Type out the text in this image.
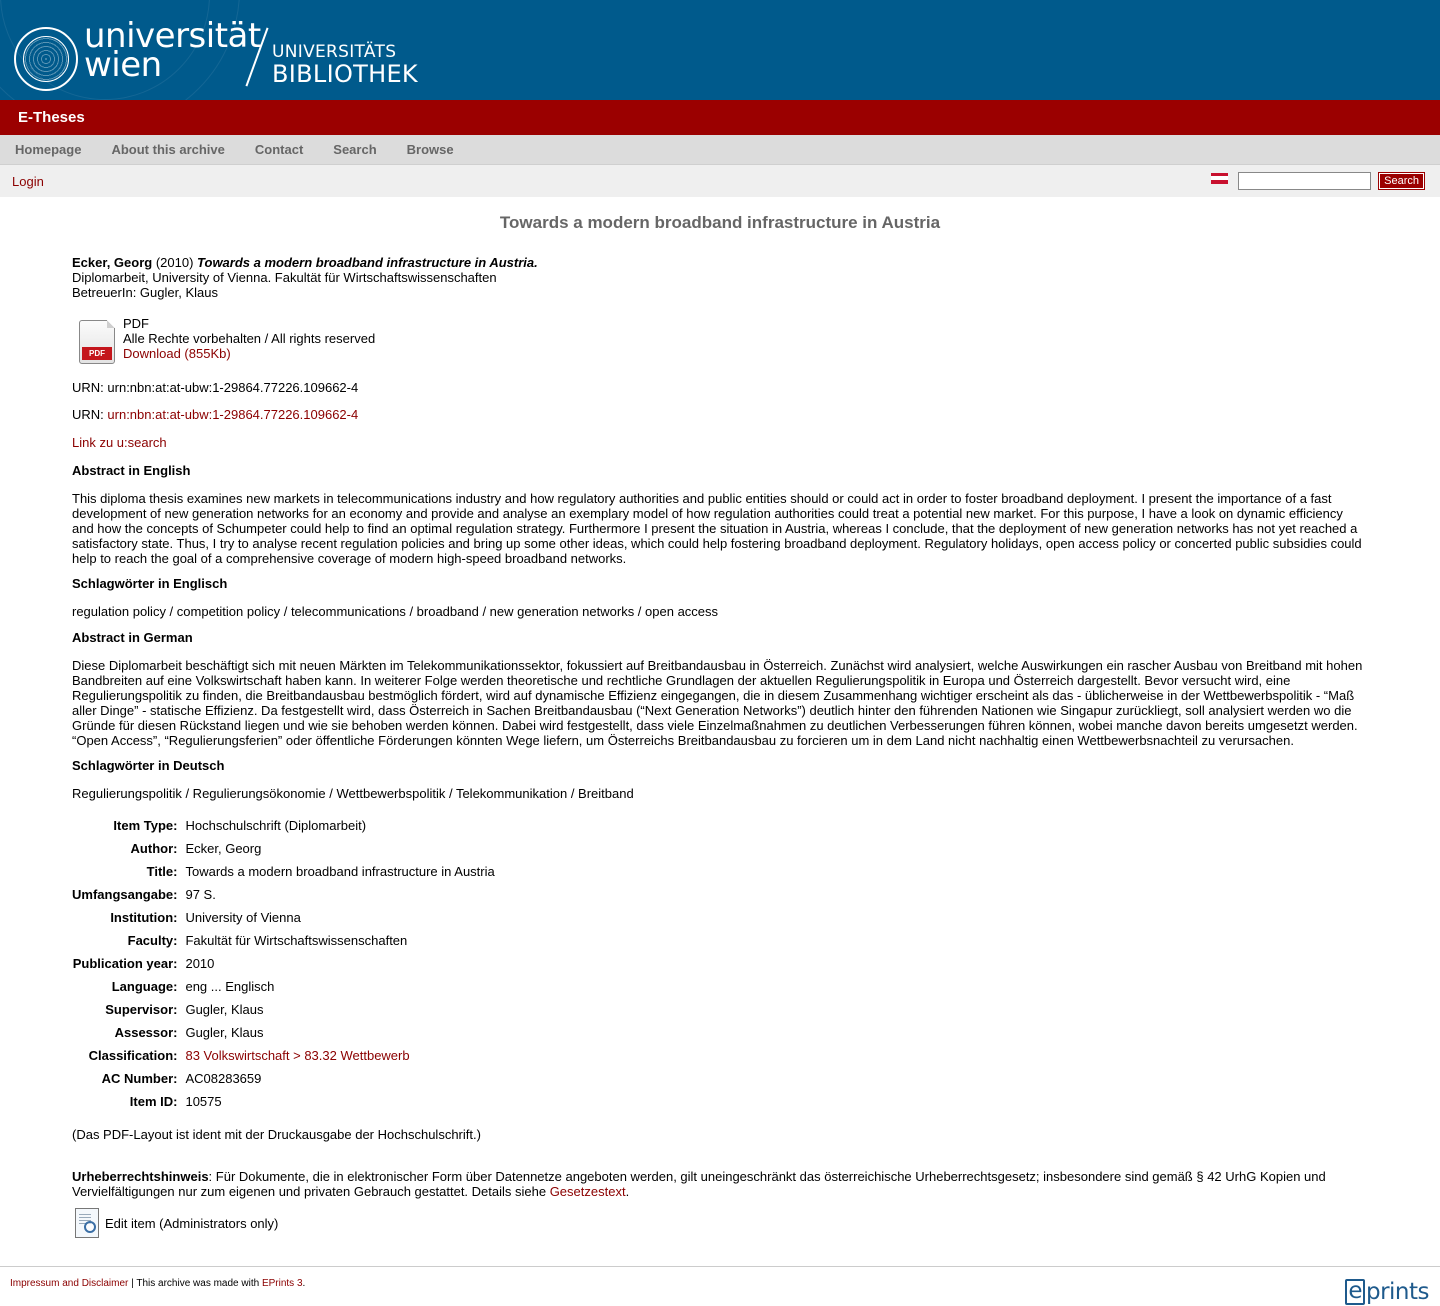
universität
wien	UNIVERSITÄTS
BIBLIOTHEK
E-Theses
Homepage About this archive Contact Search Browse
Login	Search
Towards a modern broadband infrastructure in Austria
Ecker, Georg (2010) Towards a modern broadband infrastructure in Austria.
Diplomarbeit, University of Vienna. Fakultät für Wirtschaftswissenschaften
BetreuerIn: Gugler, Klaus
PDF
PDF
Alle Rechte vorbehalten / All rights reserved
Download (855Kb)

URN: urn:nbn:at:at-ubw:1-29864.77226.109662-4

URN: urn:nbn:at:at-ubw:1-29864.77226.109662-4

Link zu u:search

Abstract in English

This diploma thesis examines new markets in telecommunications industry and how regulatory authorities and public entities should or could act in order to foster broadband deployment. I present the importance of a fast development of new generation networks for an economy and provide and analyse an exemplary model of how regulation authorities could treat a potential new market. For this purpose, I have a look on dynamic efficiency and how the concepts of Schumpeter could help to find an optimal regulation strategy. Furthermore I present the situation in Austria, whereas I conclude, that the deployment of new generation networks has not yet reached a satisfactory state. Thus, I try to analyse recent regulation policies and bring up some other ideas, which could help fostering broadband deployment. Regulatory holidays, open access policy or concerted public subsidies could help to reach the goal of a comprehensive coverage of modern high-speed broadband networks.

Schlagwörter in Englisch

regulation policy / competition policy / telecommunications / broadband / new generation networks / open access

Abstract in German

Diese Diplomarbeit beschäftigt sich mit neuen Märkten im Telekommunikationssektor, fokussiert auf Breitbandausbau in Österreich. Zunächst wird analysiert, welche Auswirkungen ein rascher Ausbau von Breitband mit hohen Bandbreiten auf eine Volkswirtschaft haben kann. In weiterer Folge werden theoretische und rechtliche Grundlagen der aktuellen Regulierungspolitik in Europa und Österreich dargestellt. Bevor versucht wird, eine Regulierungspolitik zu finden, die Breitbandausbau bestmöglich fördert, wird auf dynamische Effizienz eingegangen, die in diesem Zusammenhang wichtiger erscheint als das - üblicherweise in der Wettbewerbspolitik - “Maß aller Dinge” - statische Effizienz. Da festgestellt wird, dass Österreich in Sachen Breitbandausbau (“Next Generation Networks”) deutlich hinter den führenden Nationen wie Singapur zurückliegt, soll analysiert werden wo die Gründe für diesen Rückstand liegen und wie sie behoben werden können. Dabei wird festgestellt, dass viele Einzelmaßnahmen zu deutlichen Verbesserungen führen können, wobei manche davon bereits umgesetzt werden. “Open Access”, “Regulierungsferien” oder öffentliche Förderungen könnten Wege liefern, um Österreichs Breitbandausbau zu forcieren um in dem Land nicht nachhaltig einen Wettbewerbsnachteil zu verursachen.

Schlagwörter in Deutsch

Regulierungspolitik / Regulierungsökonomie / Wettbewerbspolitik / Telekommunikation / Breitband

Item Type:	Hochschulschrift (Diplomarbeit)
Author:	Ecker, Georg
Title:	Towards a modern broadband infrastructure in Austria
Umfangsangabe:	97 S.
Institution:	University of Vienna
Faculty:	Fakultät für Wirtschaftswissenschaften
Publication year:	2010
Language:	eng ... Englisch
Supervisor:	Gugler, Klaus
Assessor:	Gugler, Klaus
Classification:	83 Volkswirtschaft > 83.32 Wettbewerb
AC Number:	AC08283659
Item ID:	10575

(Das PDF-Layout ist ident mit der Druckausgabe der Hochschulschrift.)

Urheberrechtshinweis: Für Dokumente, die in elektronischer Form über Datennetze angeboten werden, gilt uneingeschränkt das österreichische Urheberrechtsgesetz; insbesondere sind gemäß § 42 UrhG Kopien und Vervielfältigungen nur zum eigenen und privaten Gebrauch gestattet. Details siehe Gesetzestext.

Edit item (Administrators only)
Impressum and Disclaimer | This archive was made with EPrints 3.	e prints
